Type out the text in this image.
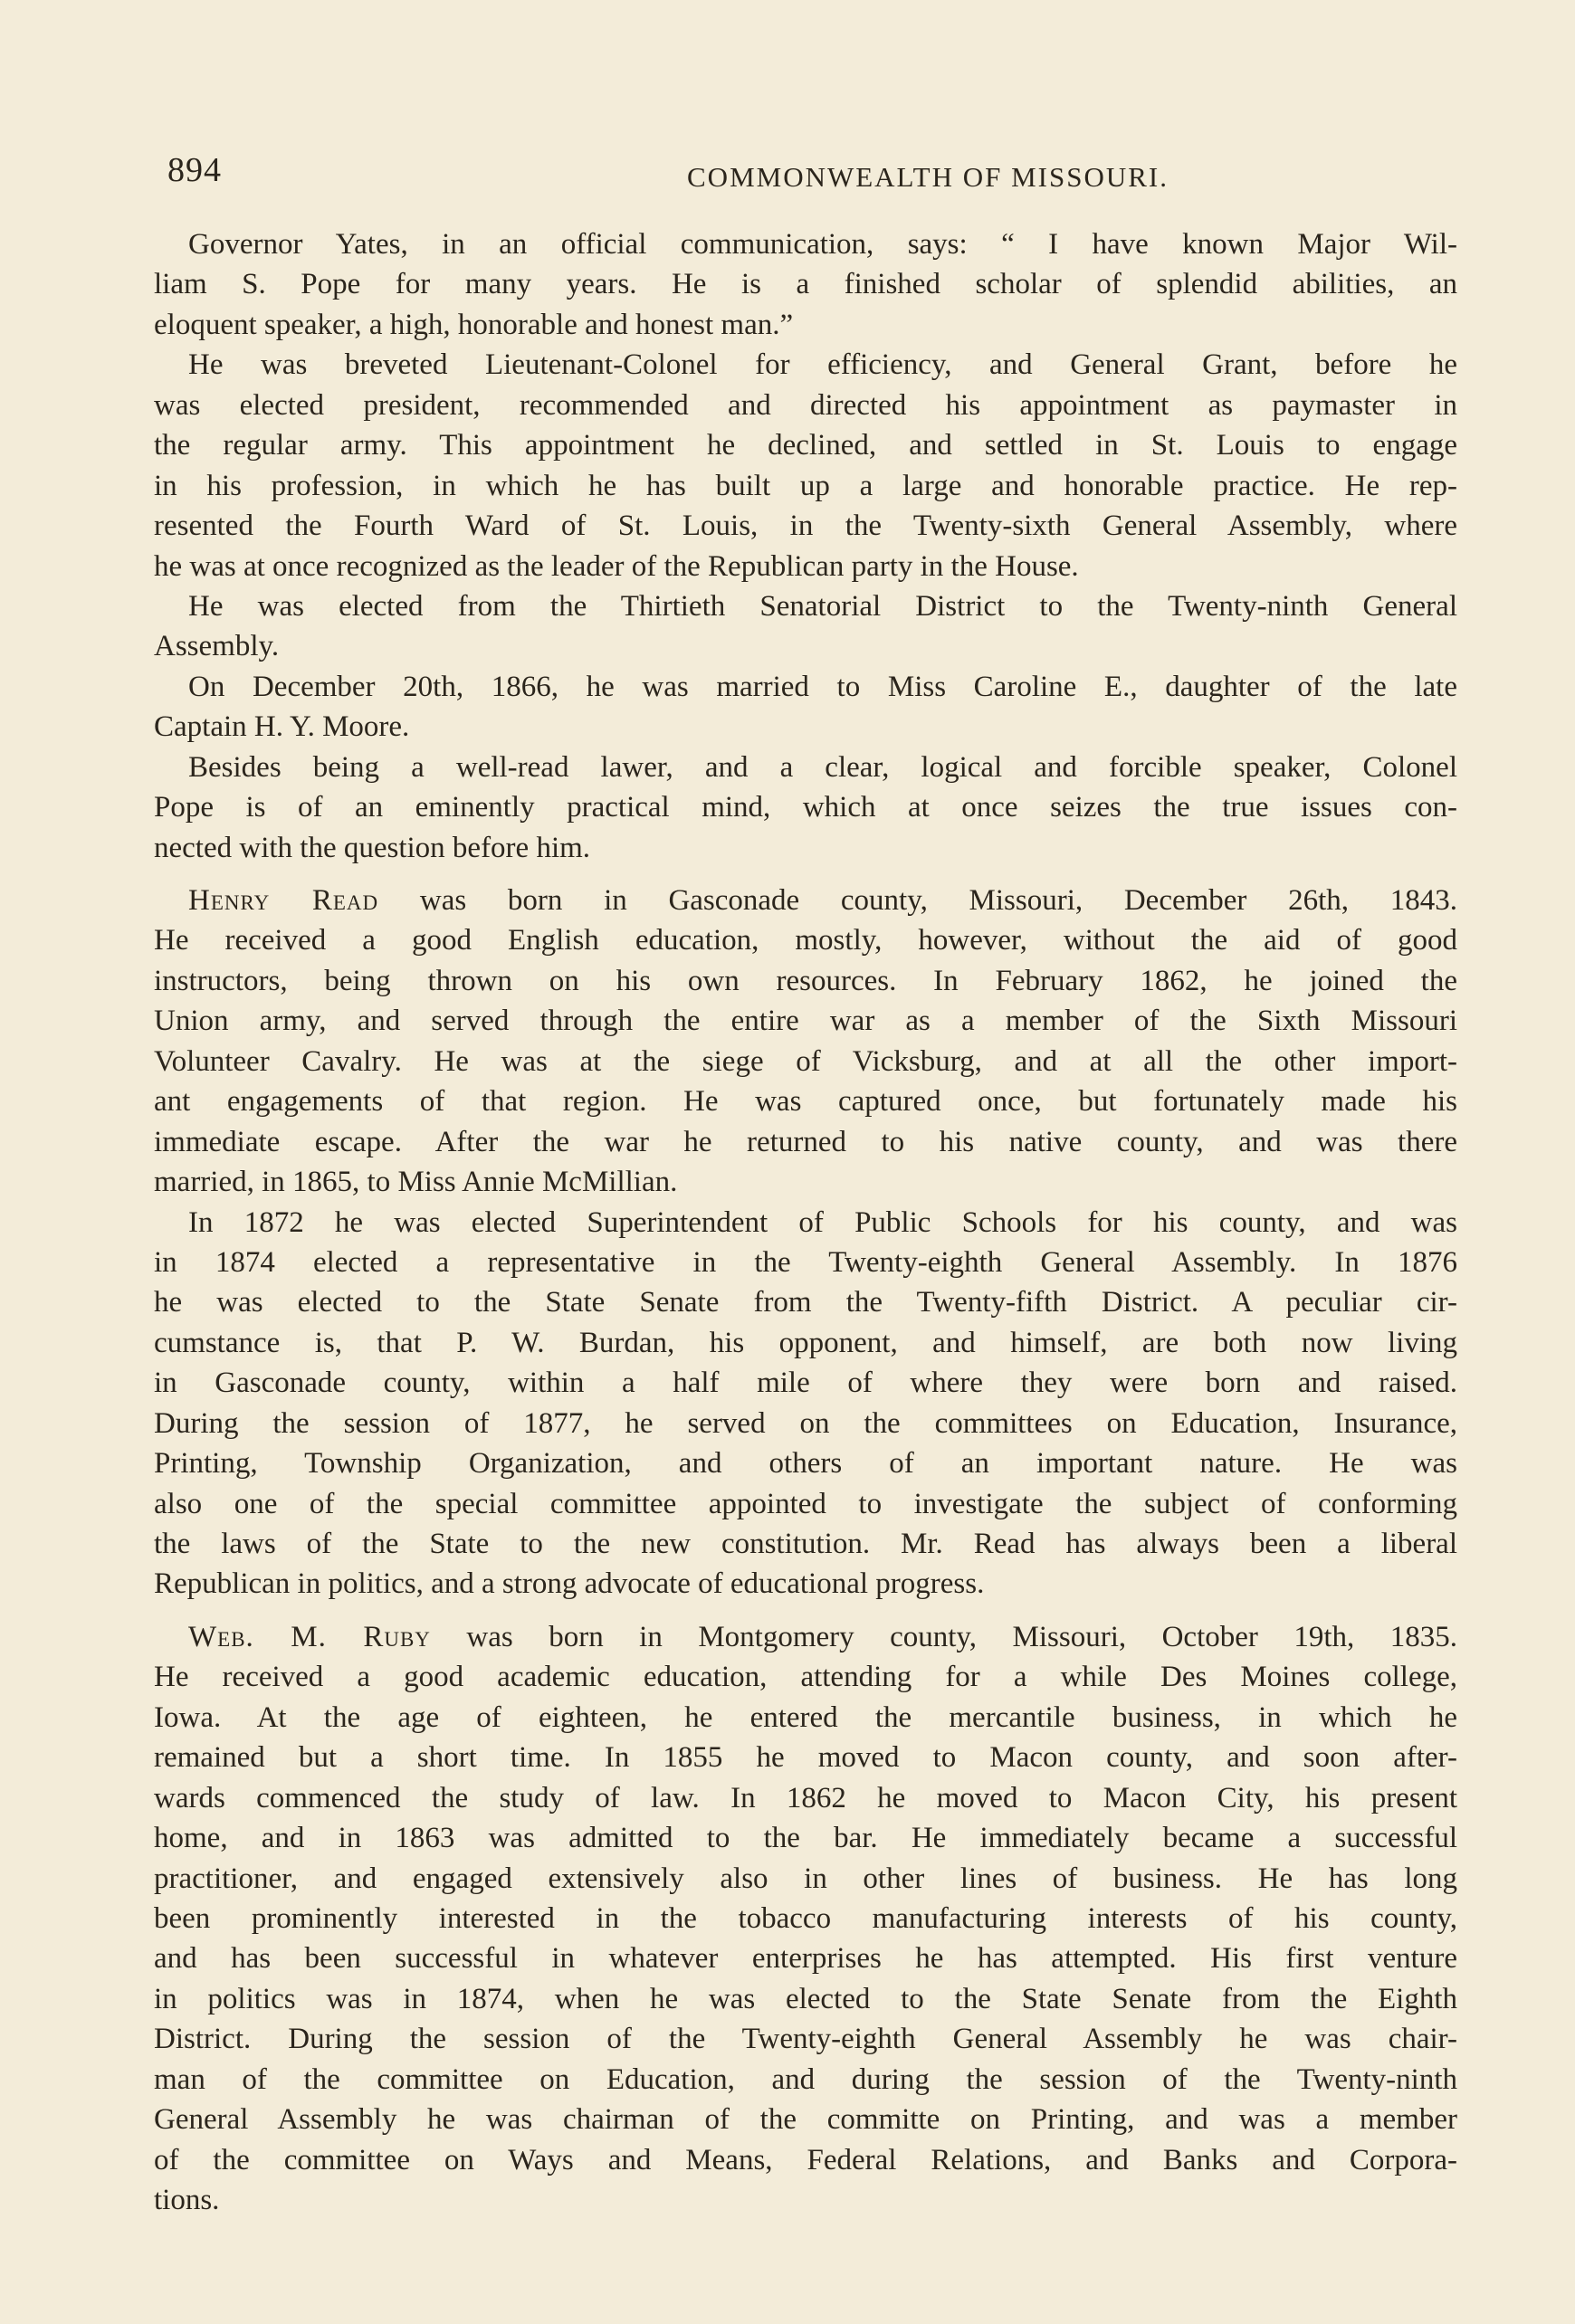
894	COMMONWEALTH OF MISSOURI.
Governor Yates, in an official communication, says: “ I have known Major Wil-
liam S. Pope for many years. He is a finished scholar of splendid abilities, an
eloquent speaker, a high, honorable and honest man.”
He was breveted Lieutenant-Colonel for efficiency, and General Grant, before he
was elected president, recommended and directed his appointment as paymaster in
the regular army. This appointment he declined, and settled in St. Louis to engage
in his profession, in which he has built up a large and honorable practice. He rep-
resented the Fourth Ward of St. Louis, in the Twenty-sixth General Assembly, where
he was at once recognized as the leader of the Republican party in the House.
He was elected from the Thirtieth Senatorial District to the Twenty-ninth General
Assembly.
On December 20th, 1866, he was married to Miss Caroline E., daughter of the late
Captain H. Y. Moore.
Besides being a well-read lawer, and a clear, logical and forcible speaker, Colonel
Pope is of an eminently practical mind, which at once seizes the true issues con-
nected with the question before him.
Henry Read was born in Gasconade county, Missouri, December 26th, 1843.
He received a good English education, mostly, however, without the aid of good
instructors, being thrown on his own resources. In February 1862, he joined the
Union army, and served through the entire war as a member of the Sixth Missouri
Volunteer Cavalry. He was at the siege of Vicksburg, and at all the other import-
ant engagements of that region. He was captured once, but fortunately made his
immediate escape. After the war he returned to his native county, and was there
married, in 1865, to Miss Annie McMillian.
In 1872 he was elected Superintendent of Public Schools for his county, and was
in 1874 elected a representative in the Twenty-eighth General Assembly. In 1876
he was elected to the State Senate from the Twenty-fifth District. A peculiar cir-
cumstance is, that P. W. Burdan, his opponent, and himself, are both now living
in Gasconade county, within a half mile of where they were born and raised.
During the session of 1877, he served on the committees on Education, Insurance,
Printing, Township Organization, and others of an important nature. He was
also one of the special committee appointed to investigate the subject of conforming
the laws of the State to the new constitution. Mr. Read has always been a liberal
Republican in politics, and a strong advocate of educational progress.
Web. M. Ruby was born in Montgomery county, Missouri, October 19th, 1835.
He received a good academic education, attending for a while Des Moines college,
Iowa. At the age of eighteen, he entered the mercantile business, in which he
remained but a short time. In 1855 he moved to Macon county, and soon after-
wards commenced the study of law. In 1862 he moved to Macon City, his present
home, and in 1863 was admitted to the bar. He immediately became a successful
practitioner, and engaged extensively also in other lines of business. He has long
been prominently interested in the tobacco manufacturing interests of his county,
and has been successful in whatever enterprises he has attempted. His first venture
in politics was in 1874, when he was elected to the State Senate from the Eighth
District. During the session of the Twenty-eighth General Assembly he was chair-
man of the committee on Education, and during the session of the Twenty-ninth
General Assembly he was chairman of the committe on Printing, and was a member
of the committee on Ways and Means, Federal Relations, and Banks and Corpora-
tions.
